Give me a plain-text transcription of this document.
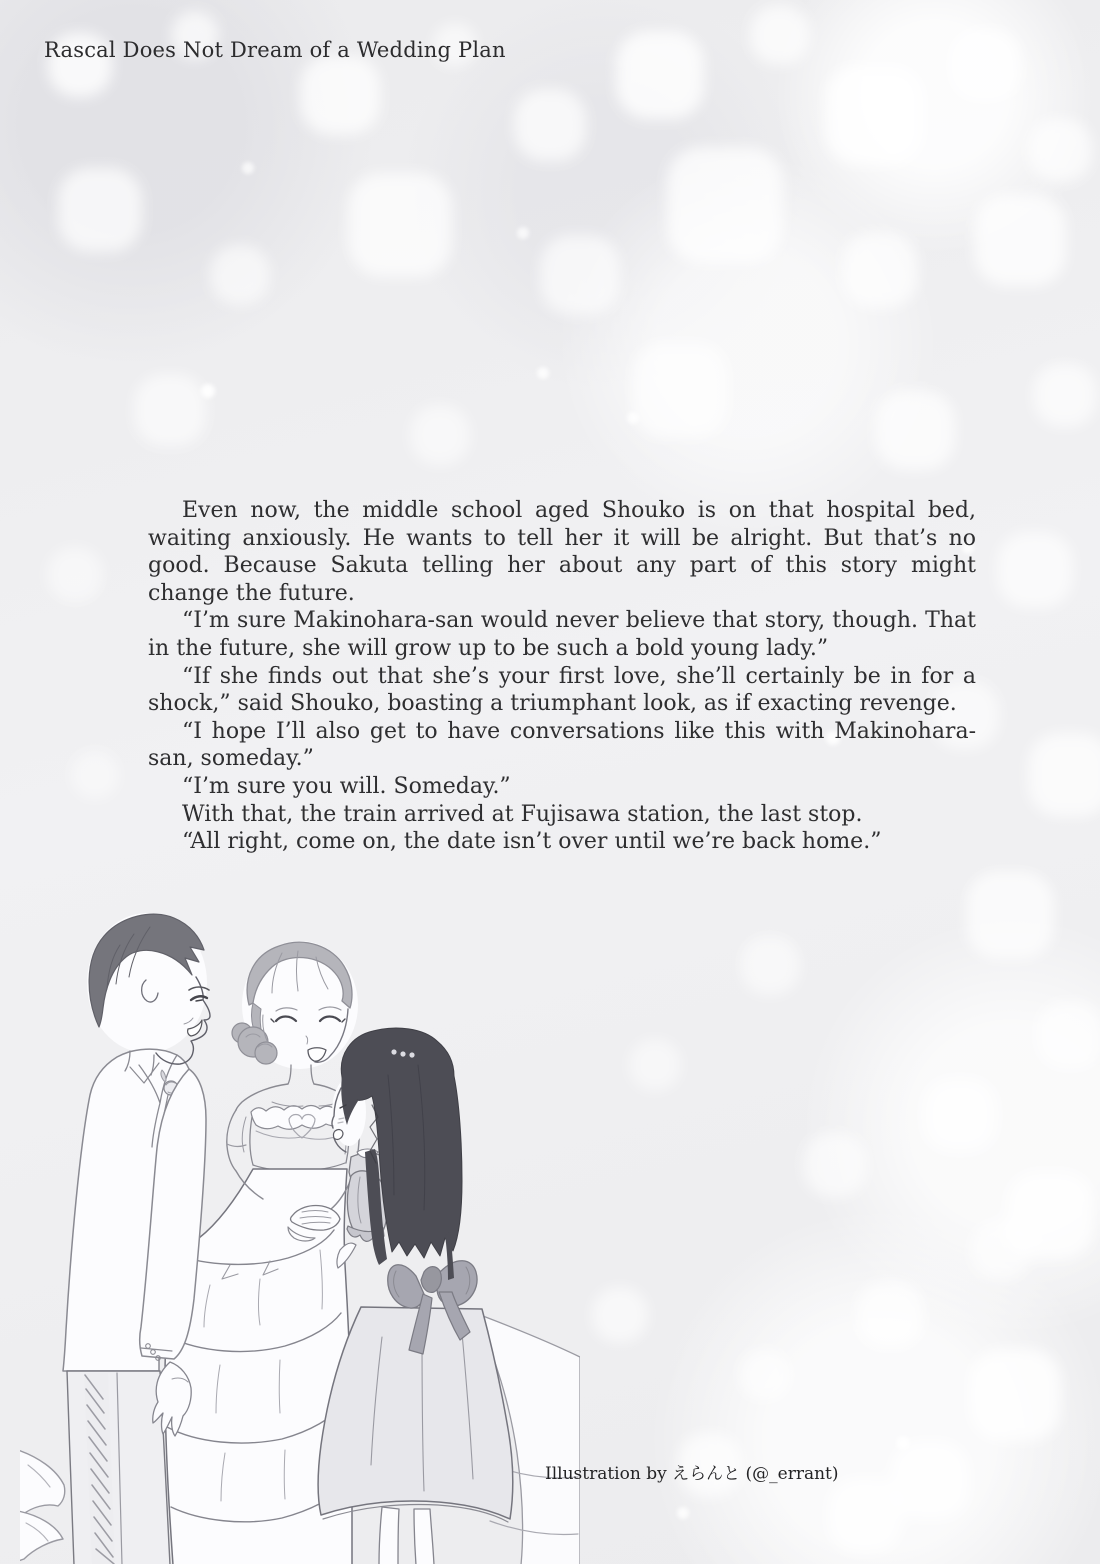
Rascal Does Not Dream of a Wedding Plan

Even now, the middle school aged Shouko is on that hospital bed, waiting anxiously. He wants to tell her it will be alright. But that’s no good. Because Sakuta telling her about any part of this story might change the future.

“I’m sure Makinohara-san would never believe that story, though. That in the future, she will grow up to be such a bold young lady.”

“If she finds out that she’s your first love, she’ll certainly be in for a shock,” said Shouko, boasting a triumphant look, as if exacting revenge.

“I hope I’ll also get to have conversations like this with Makinohara-san, someday.”

“I’m sure you will. Someday.”

With that, the train arrived at Fujisawa station, the last stop.

“All right, come on, the date isn’t over until we’re back home.”

Illustration by えらんと (@_errant)
